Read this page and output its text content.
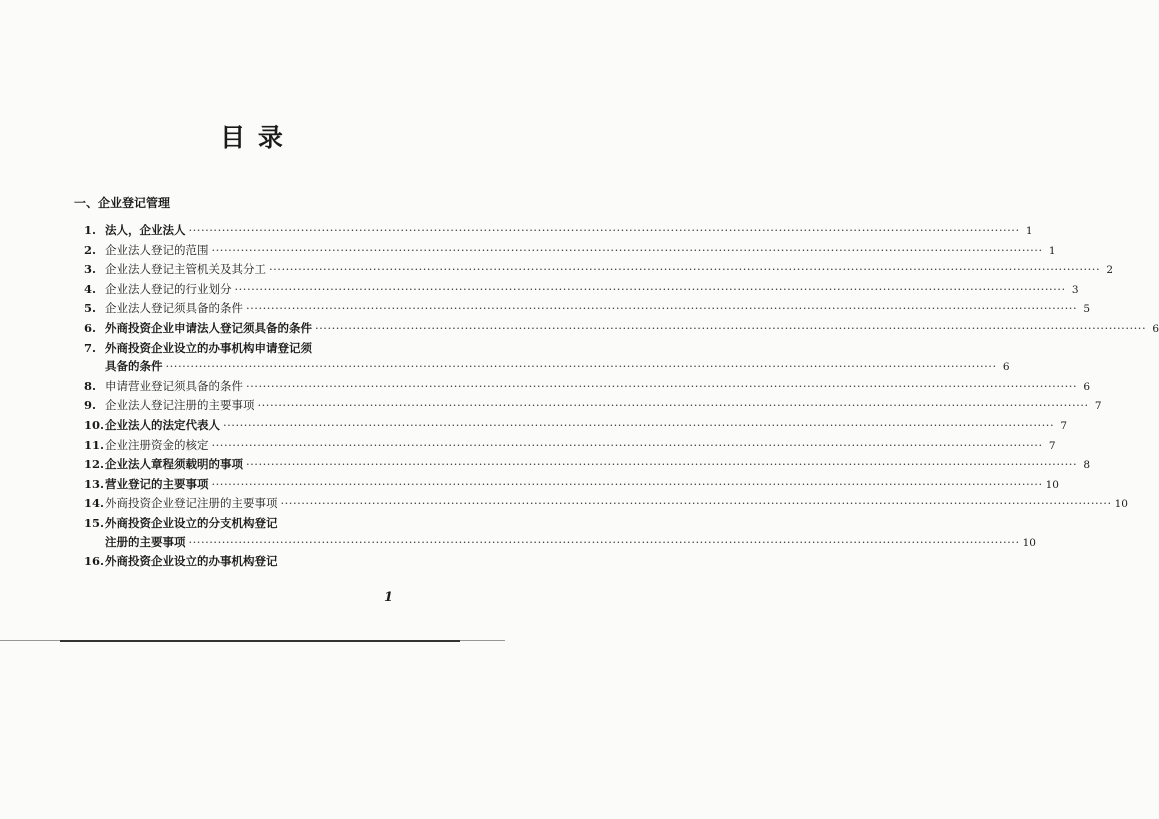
目 录
一、企业登记管理
1. 法人，企业法人 ········································································································································································································ 1
2. 企业法人登记的范围 ········································································································································································································ 1
3. 企业法人登记主管机关及其分工 ········································································································································································································ 2
4. 企业法人登记的行业划分 ········································································································································································································ 3
5. 企业法人登记须具备的条件 ········································································································································································································ 5
6. 外商投资企业申请法人登记须具备的条件 ········································································································································································································ 6
7. 外商投资企业设立的办事机构申请登记须
具备的条件 ········································································································································································································ 6
8. 申请营业登记须具备的条件 ········································································································································································································ 6
9. 企业法人登记注册的主要事项 ········································································································································································································ 7
10. 企业法人的法定代表人 ········································································································································································································ 7
11. 企业注册资金的核定 ········································································································································································································ 7
12. 企业法人章程须载明的事项 ········································································································································································································ 8
13. 营业登记的主要事项 ········································································································································································································ 10
14. 外商投资企业登记注册的主要事项 ········································································································································································································ 10
15. 外商投资企业设立的分支机构登记
注册的主要事项 ········································································································································································································ 10
16. 外商投资企业设立的办事机构登记
1
